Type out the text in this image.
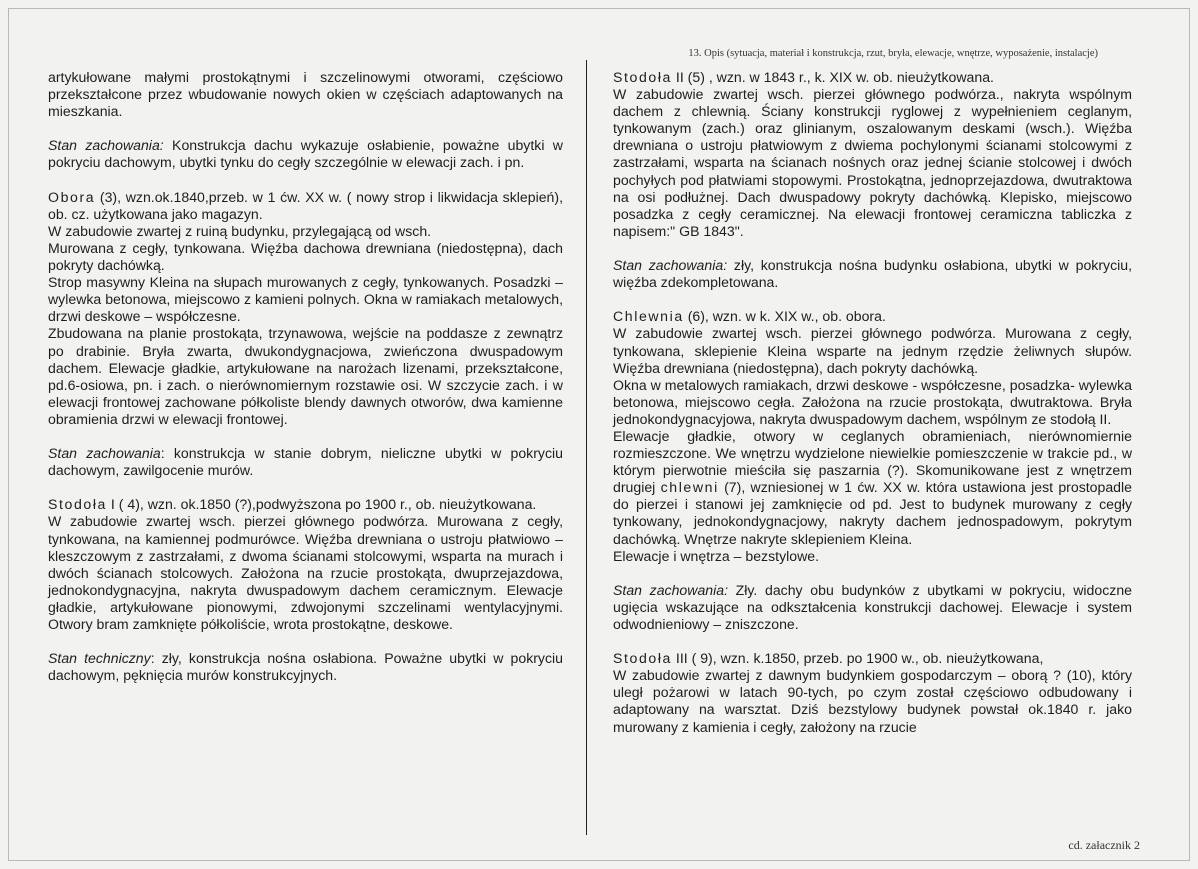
13. Opis (sytuacja, materiał i konstrukcja, rzut, bryła, elewacje, wnętrze, wyposażenie, instalacje)

artykułowane małymi prostokątnymi i szczelinowymi otworami, częściowo przekształcone przez wbudowanie nowych okien w częściach adaptowanych na mieszkania.

Stan zachowania: Konstrukcja dachu wykazuje osłabienie, poważne ubytki w pokryciu dachowym, ubytki tynku do cegły szczególnie w elewacji zach. i pn.

Obora (3), wzn.ok.1840,przeb. w 1 ćw. XX w. ( nowy strop i likwidacja sklepień), ob. cz. użytkowana jako magazyn.

W zabudowie zwartej z ruiną budynku, przylegającą od wsch.

Murowana z cegły, tynkowana. Więźba dachowa drewniana (niedostępna), dach pokryty dachówką.

Strop masywny Kleina na słupach murowanych z cegły, tynkowanych. Posadzki – wylewka betonowa, miejscowo z kamieni polnych. Okna w ramiakach metalowych, drzwi deskowe – współczesne.

Zbudowana na planie prostokąta, trzynawowa, wejście na poddasze z zewnątrz po drabinie. Bryła zwarta, dwukondygnacjowa, zwieńczona dwuspadowym dachem. Elewacje gładkie, artykułowane na narożach lizenami, przekształcone, pd.6-osiowa, pn. i zach. o nierównomiernym rozstawie osi. W szczycie zach. i w elewacji frontowej zachowane półkoliste blendy dawnych otworów, dwa kamienne obramienia drzwi w elewacji frontowej.

Stan zachowania: konstrukcja w stanie dobrym, nieliczne ubytki w pokryciu dachowym, zawilgocenie murów.

Stodoła I ( 4), wzn. ok.1850 (?),podwyższona po 1900 r., ob. nieużytkowana.

W zabudowie zwartej wsch. pierzei głównego podwórza. Murowana z cegły, tynkowana, na kamiennej podmurówce. Więźba drewniana o ustroju płatwiowo – kleszczowym z zastrzałami, z dwoma ścianami stolcowymi, wsparta na murach i dwóch ścianach stolcowych. Założona na rzucie prostokąta, dwuprzejazdowa, jednokondygnacyjna, nakryta dwuspadowym dachem ceramicznym. Elewacje gładkie, artykułowane pionowymi, zdwojonymi szczelinami wentylacyjnymi. Otwory bram zamknięte półkoliście, wrota prostokątne, deskowe.

Stan techniczny: zły, konstrukcja nośna osłabiona. Poważne ubytki w pokryciu dachowym, pęknięcia murów konstrukcyjnych.

Stodoła II (5) , wzn. w 1843 r., k. XIX w. ob. nieużytkowana.

W zabudowie zwartej wsch. pierzei głównego podwórza., nakryta wspólnym dachem z chlewnią. Ściany konstrukcji ryglowej z wypełnieniem ceglanym, tynkowanym (zach.) oraz glinianym, oszalowanym deskami (wsch.). Więźba drewniana o ustroju płatwiowym z dwiema pochylonymi ścianami stolcowymi z zastrzałami, wsparta na ścianach nośnych oraz jednej ścianie stolcowej i dwóch pochyłych pod płatwiami stopowymi. Prostokątna, jednoprzejazdowa, dwutraktowa na osi podłużnej. Dach dwuspadowy pokryty dachówką. Klepisko, miejscowo posadzka z cegły ceramicznej. Na elewacji frontowej ceramiczna tabliczka z napisem:" GB 1843".

Stan zachowania: zły, konstrukcja nośna budynku osłabiona, ubytki w pokryciu, więźba zdekompletowana.

Chlewnia (6), wzn. w k. XIX w., ob. obora.

W zabudowie zwartej wsch. pierzei głównego podwórza. Murowana z cegły, tynkowana, sklepienie Kleina wsparte na jednym rzędzie żeliwnych słupów. Więźba drewniana (niedostępna), dach pokryty dachówką.

Okna w metalowych ramiakach, drzwi deskowe - współczesne, posadzka- wylewka betonowa, miejscowo cegła. Założona na rzucie prostokąta, dwutraktowa. Bryła jednokondygnacyjowa, nakryta dwuspadowym dachem, wspólnym ze stodołą II.

Elewacje gładkie, otwory w ceglanych obramieniach, nierównomiernie rozmieszczone. We wnętrzu wydzielone niewielkie pomieszczenie w trakcie pd., w którym pierwotnie mieściła się paszarnia (?). Skomunikowane jest z wnętrzem drugiej chlewni (7), wzniesionej w 1 ćw. XX w. która ustawiona jest prostopadle do pierzei i stanowi jej zamknięcie od pd. Jest to budynek murowany z cegły tynkowany, jednokondygnacjowy, nakryty dachem jednospadowym, pokrytym dachówką. Wnętrze nakryte sklepieniem Kleina.

Elewacje i wnętrza – bezstylowe.

Stan zachowania: Zły. dachy obu budynków z ubytkami w pokryciu, widoczne ugięcia wskazujące na odkształcenia konstrukcji dachowej. Elewacje i system odwodnieniowy – zniszczone.

Stodoła III ( 9), wzn. k.1850, przeb. po 1900 w., ob. nieużytkowana,

W zabudowie zwartej z dawnym budynkiem gospodarczym – oborą ? (10), który uległ pożarowi w latach 90-tych, po czym został częściowo odbudowany i adaptowany na warsztat. Dziś bezstylowy budynek powstał ok.1840 r. jako murowany z kamienia i cegły, założony na rzucie

cd. załacznik 2
